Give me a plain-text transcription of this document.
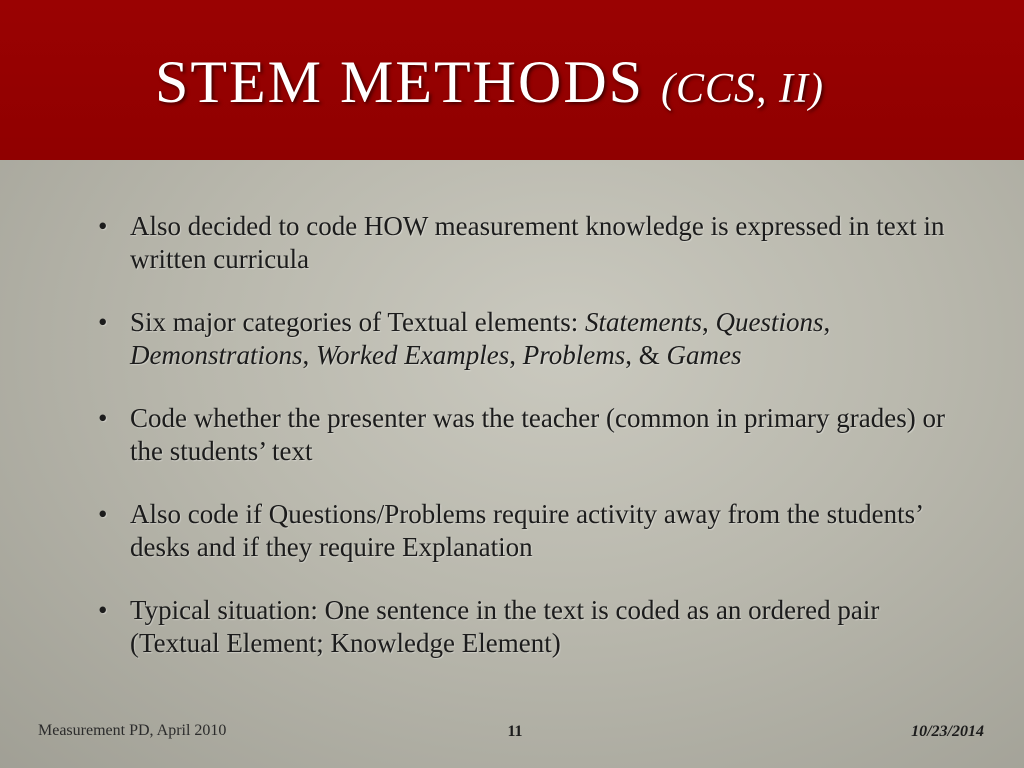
STEM METHODS (CCS, II)
• Also decided to code HOW measurement knowledge is expressed in text in written curricula
• Six major categories of Textual elements: Statements, Questions, Demonstrations, Worked Examples, Problems, & Games
• Code whether the presenter was the teacher (common in primary grades) or the students’ text
• Also code if Questions/Problems require activity away from the students’ desks and if they require Explanation
• Typical situation: One sentence in the text is coded as an ordered pair (Textual Element; Knowledge Element)
Measurement PD, April 2010	11	10/23/2014
